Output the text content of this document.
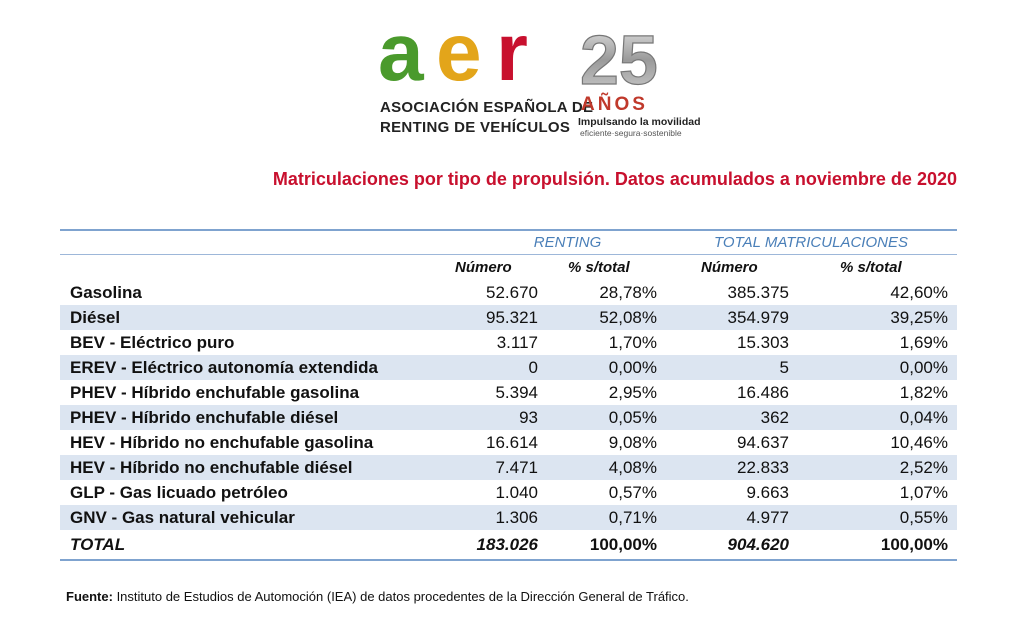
a e r
ASOCIACIÓN ESPAÑOLA DE
RENTING DE VEHÍCULOS
25
AÑOS
Impulsando la movilidad
eficiente·segura·sostenible
Matriculaciones por tipo de propulsión. Datos acumulados a noviembre de 2020
RENTING	TOTAL MATRICULACIONES
Número	% s/total	Número	% s/total
Gasolina	52.670	28,78%	385.375	42,60%
Diésel	95.321	52,08%	354.979	39,25%
BEV - Eléctrico puro	3.117	1,70%	15.303	1,69%
EREV - Eléctrico autonomía extendida	0	0,00%	5	0,00%
PHEV - Híbrido enchufable gasolina	5.394	2,95%	16.486	1,82%
PHEV - Híbrido enchufable diésel	93	0,05%	362	0,04%
HEV - Híbrido no enchufable gasolina	16.614	9,08%	94.637	10,46%
HEV - Híbrido no enchufable diésel	7.471	4,08%	22.833	2,52%
GLP - Gas licuado petróleo	1.040	0,57%	9.663	1,07%
GNV - Gas natural vehicular	1.306	0,71%	4.977	0,55%
TOTAL	183.026	100,00%	904.620	100,00%
Fuente: Instituto de Estudios de Automoción (IEA) de datos procedentes de la Dirección General de Tráfico.
